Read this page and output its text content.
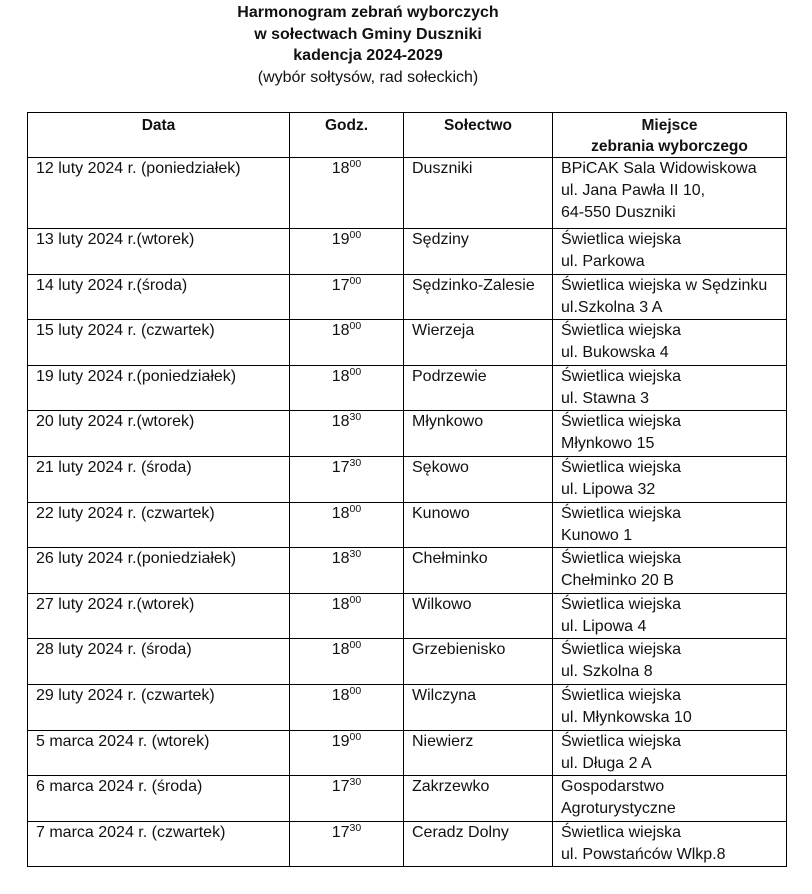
Harmonogram zebrań wyborczych
w sołectwach Gminy Duszniki
kadencja 2024-2029
(wybór sołtysów, rad sołeckich)
Data	Godz.	Sołectwo	Miejsce
zebrania wyborczego

12 luty 2024 r. (poniedziałek)	$18^{00}$	Duszniki	BPiCAK Sala Widowiskowa
ul. Jana Pawła II 10,
64-550 Duszniki

13 luty 2024 r.(wtorek)	$19^{00}$	Sędziny	Świetlica wiejska
ul. Parkowa

14 luty 2024 r.(środa)	$17^{00}$	Sędzinko-Zalesie	Świetlica wiejska w Sędzinku
ul.Szkolna 3 A

15 luty 2024 r. (czwartek)	$18^{00}$	Wierzeja	Świetlica wiejska
ul. Bukowska 4

19 luty 2024 r.(poniedziałek)	$18^{00}$	Podrzewie	Świetlica wiejska
ul. Stawna 3

20 luty 2024 r.(wtorek)	$18^{30}$	Młynkowo	Świetlica wiejska
Młynkowo 15

21 luty 2024 r. (środa)	$17^{30}$	Sękowo	Świetlica wiejska
ul. Lipowa 32

22 luty 2024 r. (czwartek)	$18^{00}$	Kunowo	Świetlica wiejska
Kunowo 1

26 luty 2024 r.(poniedziałek)	$18^{30}$	Chełminko	Świetlica wiejska
Chełminko 20 B

27 luty 2024 r.(wtorek)	$18^{00}$	Wilkowo	Świetlica wiejska
ul. Lipowa 4

28 luty 2024 r. (środa)	$18^{00}$	Grzebienisko	Świetlica wiejska
ul. Szkolna 8

29 luty 2024 r. (czwartek)	$18^{00}$	Wilczyna	Świetlica wiejska
ul. Młynkowska 10

5 marca 2024 r. (wtorek)	$19^{00}$	Niewierz	Świetlica wiejska
ul. Długa 2 A

6 marca 2024 r. (środa)	$17^{30}$	Zakrzewko	Gospodarstwo
Agroturystyczne

7 marca 2024 r. (czwartek)	$17^{30}$	Ceradz Dolny	Świetlica wiejska
ul. Powstańców Wlkp.8
